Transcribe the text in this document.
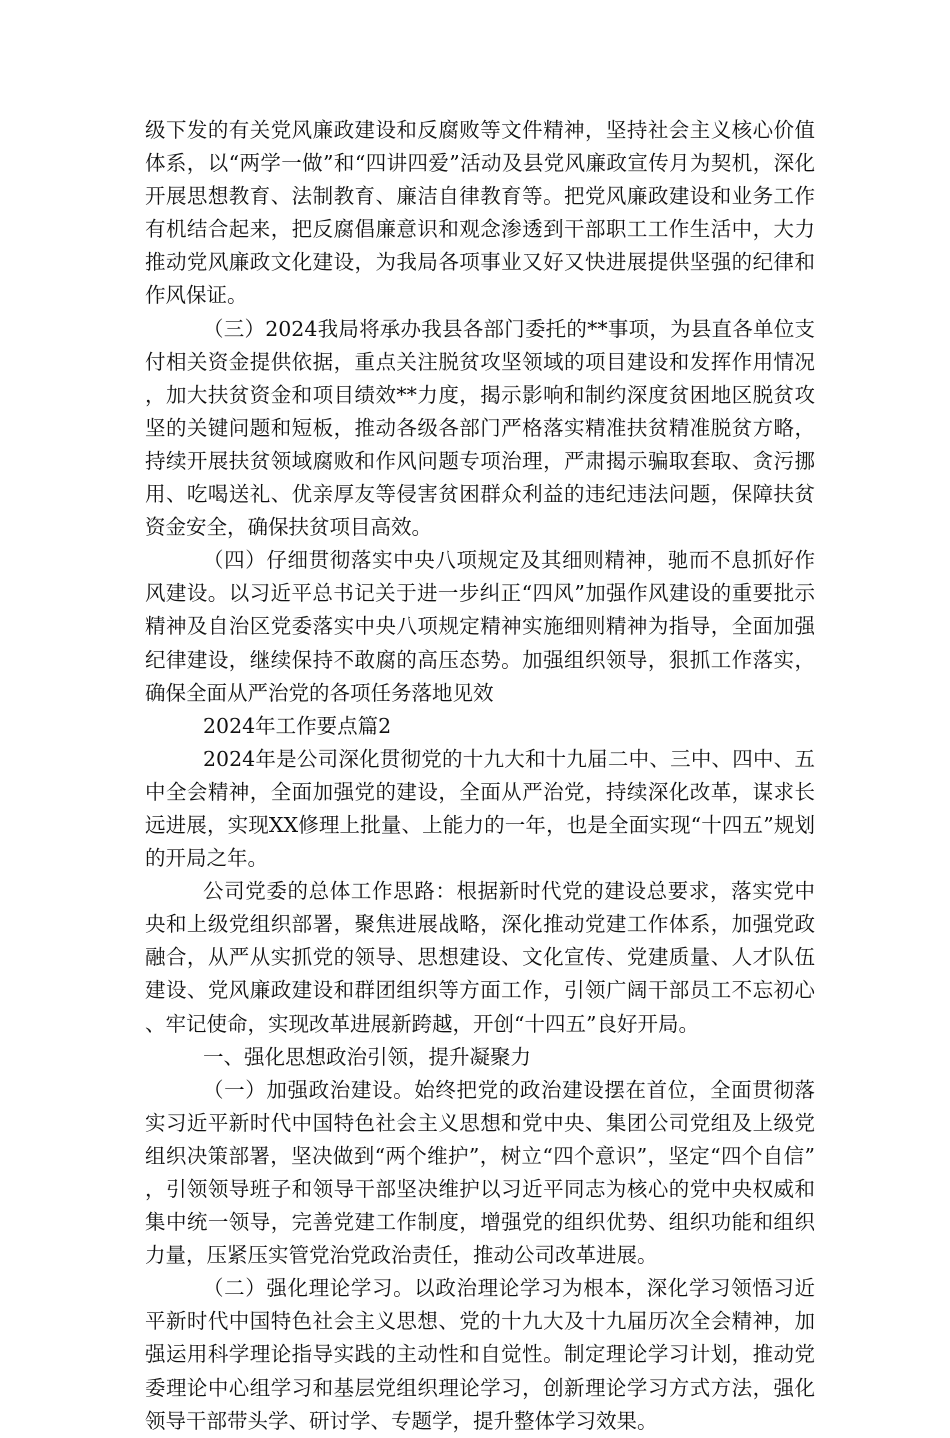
级下发的有关党风廉政建设和反腐败等文件精神，坚持社会主义核心价值体系，以“两学一做”和“四讲四爱”活动及县党风廉政宣传月为契机，深化开展思想教育、法制教育、廉洁自律教育等。把党风廉政建设和业务工作有机结合起来，把反腐倡廉意识和观念渗透到干部职工工作生活中，大力推动党风廉政文化建设，为我局各项事业又好又快进展提供坚强的纪律和作风保证。

（三）2024我局将承办我县各部门委托的**事项，为县直各单位支付相关资金提供依据，重点关注脱贫攻坚领域的项目建设和发挥作用情况，加大扶贫资金和项目绩效**力度，揭示影响和制约深度贫困地区脱贫攻坚的关键问题和短板，推动各级各部门严格落实精准扶贫精准脱贫方略，持续开展扶贫领域腐败和作风问题专项治理，严肃揭示骗取套取、贪污挪用、吃喝送礼、优亲厚友等侵害贫困群众利益的违纪违法问题，保障扶贫资金安全，确保扶贫项目高效。

（四）仔细贯彻落实中央八项规定及其细则精神，驰而不息抓好作风建设。以习近平总书记关于进一步纠正“四风”加强作风建设的重要批示精神及自治区党委落实中央八项规定精神实施细则精神为指导，全面加强纪律建设，继续保持不敢腐的高压态势。加强组织领导，狠抓工作落实，确保全面从严治党的各项任务落地见效

2024年工作要点篇2

2024年是公司深化贯彻党的十九大和十九届二中、三中、四中、五中全会精神，全面加强党的建设，全面从严治党，持续深化改革，谋求长远进展，实现XX修理上批量、上能力的一年，也是全面实现“十四五”规划的开局之年。

公司党委的总体工作思路：根据新时代党的建设总要求，落实党中央和上级党组织部署，聚焦进展战略，深化推动党建工作体系，加强党政融合，从严从实抓党的领导、思想建设、文化宣传、党建质量、人才队伍建设、党风廉政建设和群团组织等方面工作，引领广阔干部员工不忘初心、牢记使命，实现改革进展新跨越，开创“十四五”良好开局。

一、强化思想政治引领，提升凝聚力

（一）加强政治建设。始终把党的政治建设摆在首位，全面贯彻落实习近平新时代中国特色社会主义思想和党中央、集团公司党组及上级党组织决策部署，坚决做到“两个维护”，树立“四个意识”，坚定“四个自信”，引领领导班子和领导干部坚决维护以习近平同志为核心的党中央权威和集中统一领导，完善党建工作制度，增强党的组织优势、组织功能和组织力量，压紧压实管党治党政治责任，推动公司改革进展。

（二）强化理论学习。以政治理论学习为根本，深化学习领悟习近平新时代中国特色社会主义思想、党的十九大及十九届历次全会精神，加强运用科学理论指导实践的主动性和自觉性。制定理论学习计划，推动党委理论中心组学习和基层党组织理论学习，创新理论学习方式方法，强化领导干部带头学、研讨学、专题学，提升整体学习效果。
